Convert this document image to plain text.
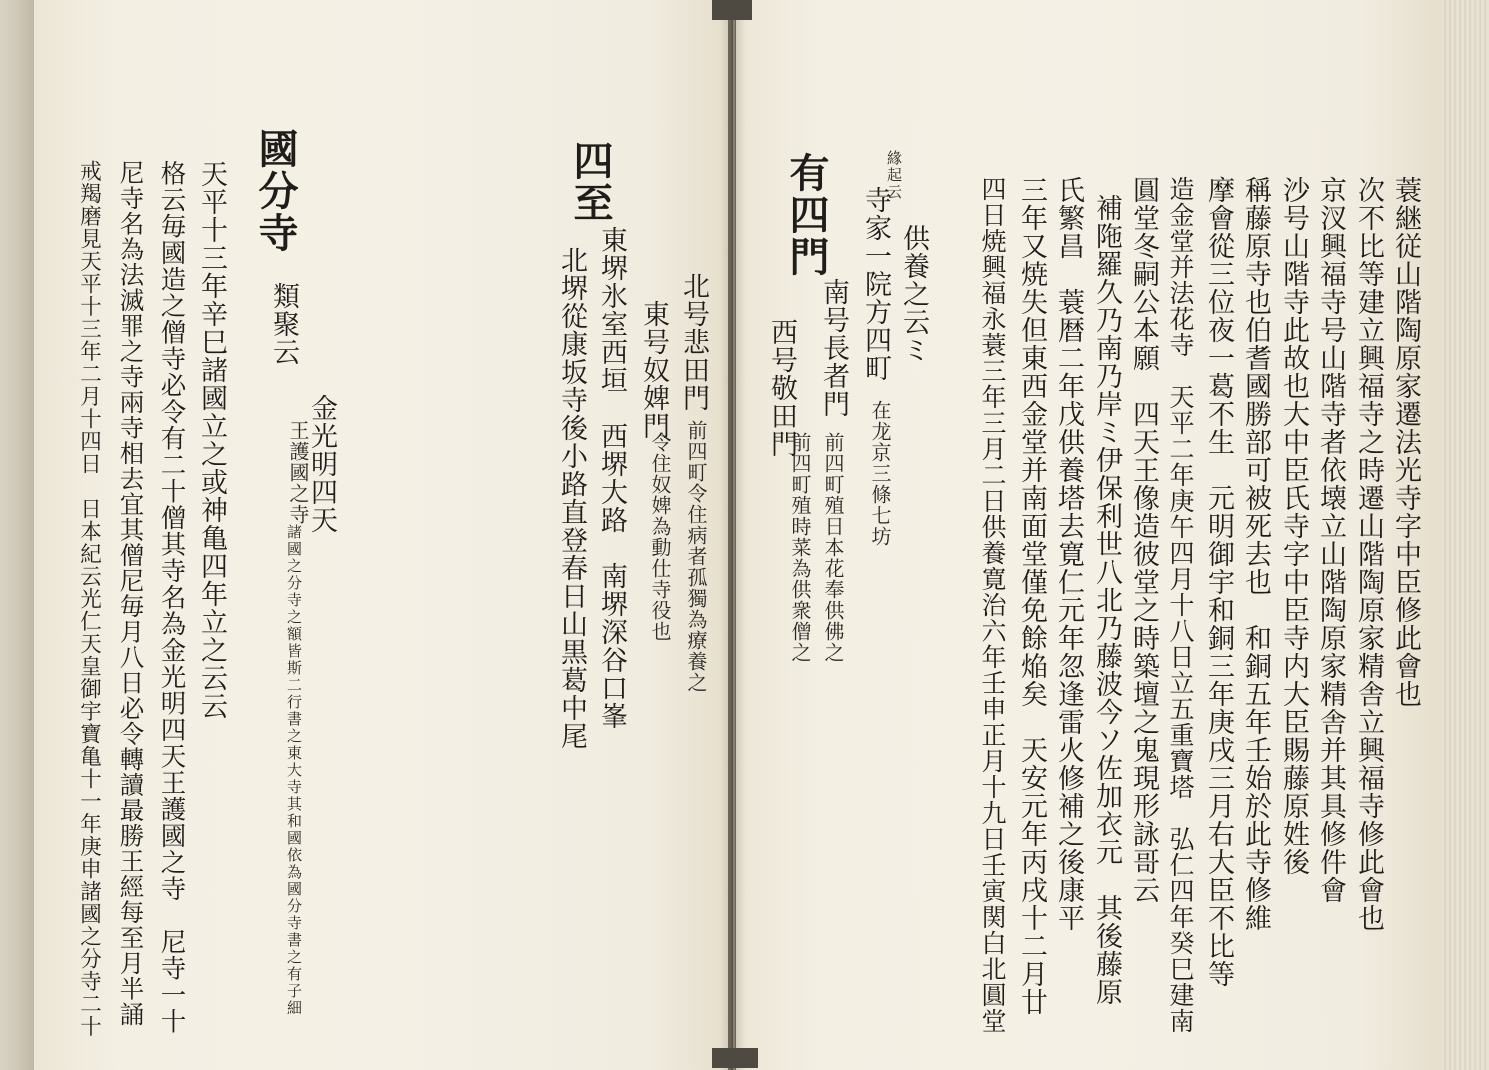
蓑継従山階陶原家遷法光寺字中臣修此會也
次不比等建立興福寺之時遷山階陶原家精舎立興福寺修此會也
京汊興福寺号山階寺者依壊立山階陶原家精舎并其具修件會
沙号山階寺此故也大中臣氏寺字中臣寺内大臣賜藤原姓後
稱藤原寺也伯耆國勝部可被死去也　和銅五年壬始於此寺修維
摩會從三位夜一葛不生　元明御宇和銅三年庚戌三月右大臣不比等
造金堂并法花寺　天平二年庚午四月十八日立五重寶塔　弘仁四年癸巳建南
圓堂冬嗣公本願　四天王像造彼堂之時築壇之鬼現形詠哥云
補陁羅久乃南乃岸ミ伊保利世八北乃藤波今ソ佐加衣元　其後藤原
氏繁昌　蓑暦二年戊供養塔去寛仁元年忽逢雷火修補之後康平
三年又焼失但東西金堂并南面堂僅免餘焔矣　天安元年丙戌十二月廿
四日焼興福永蓑三年三月二日供養寛治六年壬申正月十九日壬寅関白北圓堂
緣起云
寺家一院方四町
在龙京三條七坊
供養之云ミ
有四門
南号長者門
前四町殖日本花奉供佛之
西号敬田門
前四町殖時菜為供衆僧之
北号悲田門
前四町令住病者孤獨為療養之
東号奴婢門
令住奴婢為動仕寺役也
四至
東堺氷室西垣　西堺大路　南堺深谷口峯
北堺從康坂寺後小路直登春日山黒葛中尾
國分寺
類聚云
金光明四天
王護國之寺
諸國之分寺之額皆斯二行書之東大寺其和國依為國分寺書之有子細
天平十三年辛巳諸國立之或神亀四年立之云云
格云毎國造之僧寺必令有二十僧其寺名為金光明四天王護國之寺　尼寺一十
尼寺名為法滅罪之寺兩寺相去宜其僧尼毎月八日必令轉讀最勝王經每至月半誦
戒羯磨見天平十三年二月十四日　日本紀云光仁天皇御宇寶亀十一年庚申諸國之分寺二十
